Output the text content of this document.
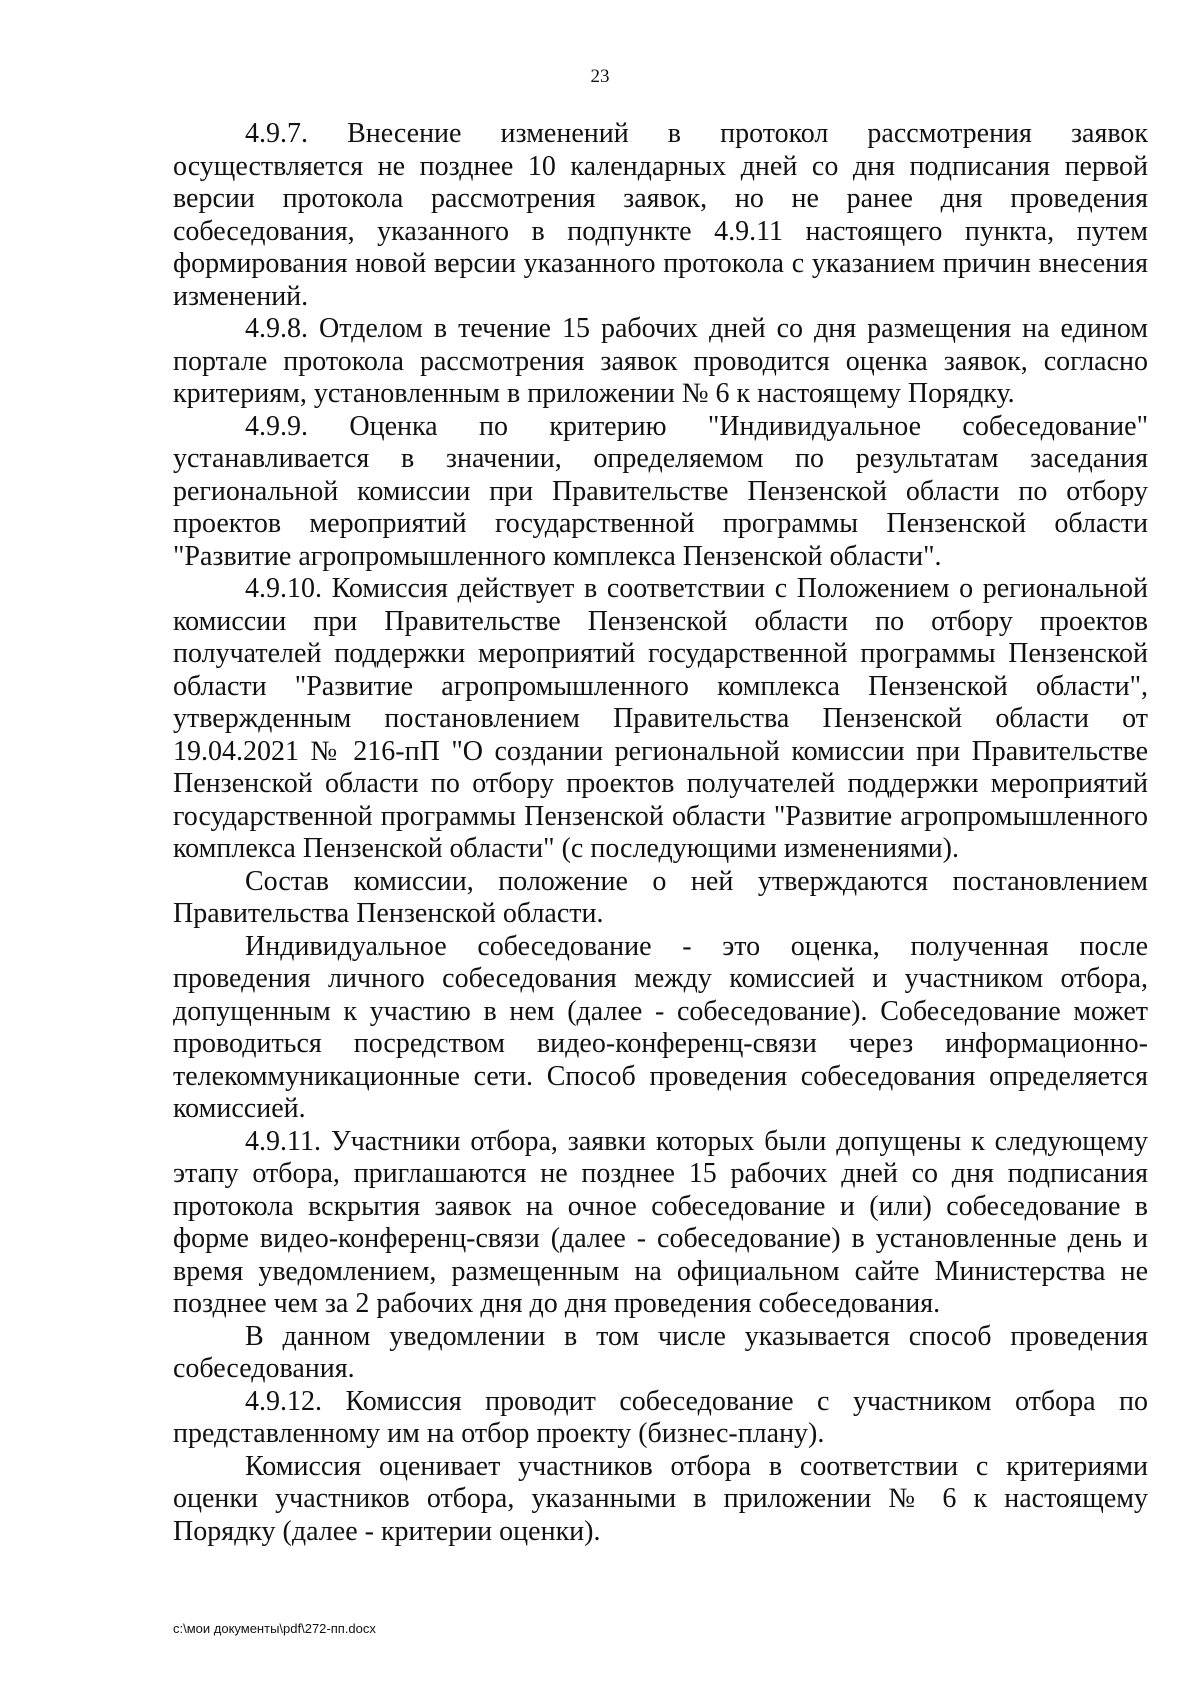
23

4.9.7. Внесение изменений в протокол рассмотрения заявок осуществляется не позднее 10 календарных дней со дня подписания первой версии протокола рассмотрения заявок, но не ранее дня проведения собеседования, указанного в подпункте 4.9.11 настоящего пункта, путем формирования новой версии указанного протокола с указанием причин внесения изменений.

4.9.8. Отделом в течение 15 рабочих дней со дня размещения на едином портале протокола рассмотрения заявок проводится оценка заявок, согласно критериям, установленным в приложении № 6 к настоящему Порядку.

4.9.9. Оценка по критерию "Индивидуальное собеседование" устанавливается в значении, определяемом по результатам заседания региональной комиссии при Правительстве Пензенской области по отбору проектов мероприятий государственной программы Пензенской области "Развитие агропромышленного комплекса Пензенской области".

4.9.10. Комиссия действует в соответствии с Положением о региональной комиссии при Правительстве Пензенской области по отбору проектов получателей поддержки мероприятий государственной программы Пензенской области "Развитие агропромышленного комплекса Пензенской области", утвержденным постановлением Правительства Пензенской области от 19.04.2021 № 216-пП "О создании региональной комиссии при Правительстве Пензенской области по отбору проектов получателей поддержки мероприятий государственной программы Пензенской области "Развитие агропромышленного комплекса Пензенской области" (с последующими изменениями).

Состав комиссии, положение о ней утверждаются постановлением Правительства Пензенской области.

Индивидуальное собеседование - это оценка, полученная после проведения личного собеседования между комиссией и участником отбора, допущенным к участию в нем (далее - собеседование). Собеседование может проводиться посредством видео-конференц-связи через информационно-телекоммуникационные сети. Способ проведения собеседования определяется комиссией.

4.9.11. Участники отбора, заявки которых были допущены к следующему этапу отбора, приглашаются не позднее 15 рабочих дней со дня подписания протокола вскрытия заявок на очное собеседование и (или) собеседование в форме видео-конференц-связи (далее - собеседование) в установленные день и время уведомлением, размещенным на официальном сайте Министерства не позднее чем за 2 рабочих дня до дня проведения собеседования.

В данном уведомлении в том числе указывается способ проведения собеседования.

4.9.12. Комиссия проводит собеседование с участником отбора по представленному им на отбор проекту (бизнес-плану).

Комиссия оценивает участников отбора в соответствии с критериями оценки участников отбора, указанными в приложении № 6 к настоящему Порядку (далее - критерии оценки).

c:\мои документы\pdf\272-пп.docx
